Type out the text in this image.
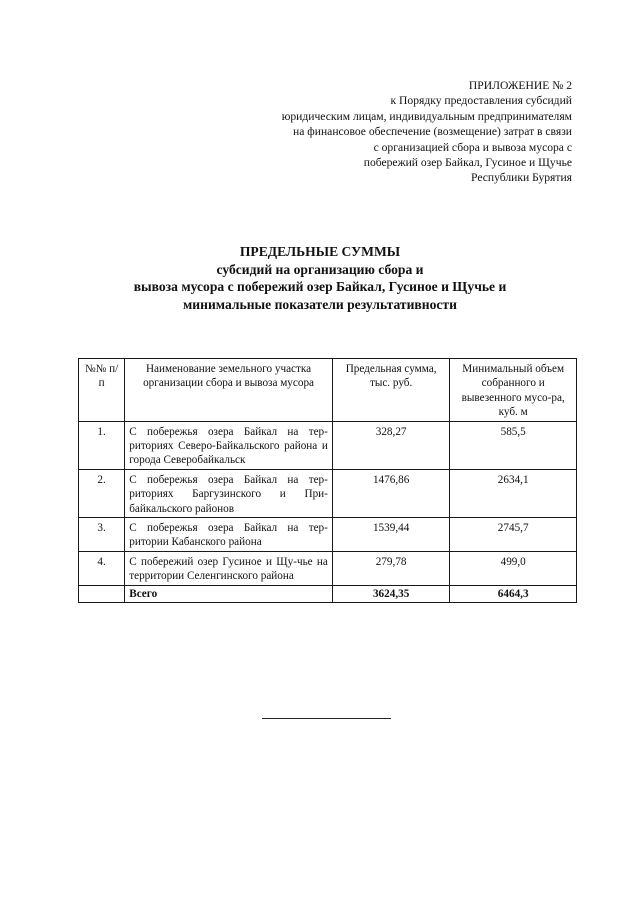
ПРИЛОЖЕНИЕ № 2
к Порядку предоставления субсидий
юридическим лицам, индивидуальным предпринимателям
на финансовое обеспечение (возмещение) затрат в связи
с организацией сбора и вывоза мусора с
побережий озер Байкал, Гусиное и Щучье
Республики Бурятия
ПРЕДЕЛЬНЫЕ СУММЫ
субсидий на организацию сбора и
вывоза мусора с побережий озер Байкал, Гусиное и Щучье и
минимальные показатели результативности
№№ п/п	Наименование земельного участка организации сбора и вывоза мусора	Предельная сумма, тыс. руб.	Минимальный объем собранного и вывезенного мусо-ра, куб. м
1.	С побережья озера Байкал на тер-риториях Северо-Байкальского района и города Северобайкальск	328,27	585,5
2.	С побережья озера Байкал на тер-риториях Баргузинского и При-байкальского районов	1476,86	2634,1
3.	С побережья озера Байкал на тер-ритории Кабанского района	1539,44	2745,7
4.	С побережий озер Гусиное и Щу-чье на территории Селенгинского района	279,78	499,0
	Всего	3624,35	6464,3
